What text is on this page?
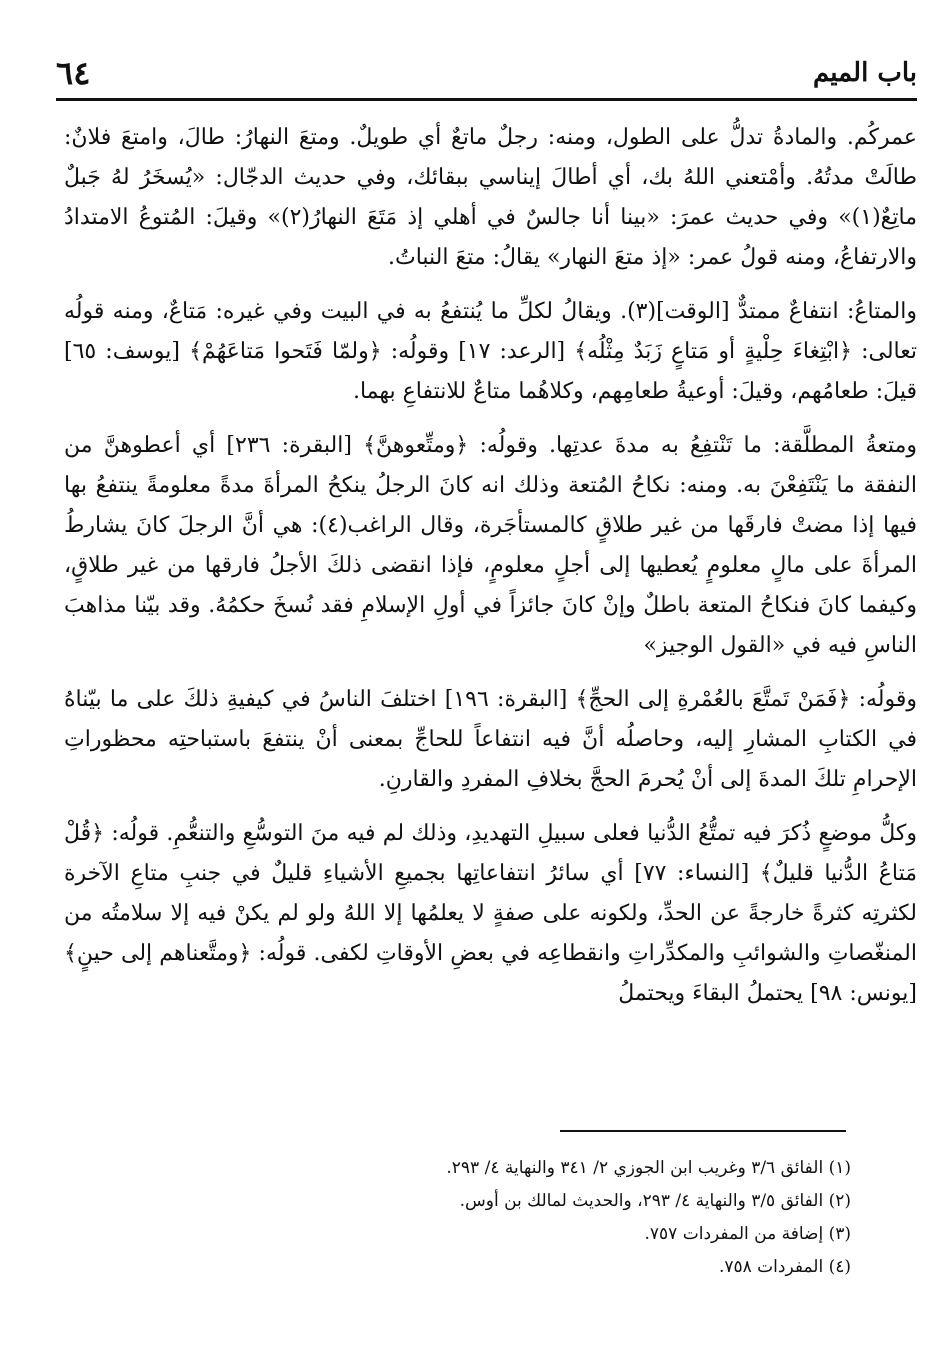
٦٤	باب الميم

عمركُم. والمادةُ تدلُّ على الطول، ومنه: رجلٌ ماتعٌ أي طويلٌ. ومتعَ النهارُ: طالَ، وامتعَ فلانٌ: طالَتْ مدتُهُ. وأمْتعني اللهُ بك، أي أطالَ إيناسي ببقائك، وفي حديث الدجّال: «يُسخَرُ لهُ جَبلٌ ماتِعٌ(١)» وفي حديث عمرَ: «بينا أنا جالسٌ في أهلي إذ مَتَعَ النهارُ(٢)» وقيلَ: المُتوعُ الامتدادُ والارتفاعُ، ومنه قولُ عمر: «إذ متعَ النهار» يقالُ: متعَ النباتُ.

والمتاعُ: انتفاعٌ ممتدٌّ [الوقت](٣). ويقالُ لكلِّ ما يُنتفعُ به في البيت وفي غيره: مَتاعٌ، ومنه قولُه تعالى: ﴿ابْتِغاءَ حِلْيةٍ أو مَتاعٍ زَبَدٌ مِثْلُه﴾ [الرعد: ١٧] وقولُه: ﴿ولمّا فَتَحوا مَتاعَهُمْ﴾ [يوسف: ٦٥] قيلَ: طعامُهم، وقيلَ: أوعيةُ طعامِهم، وكلاهُما متاعٌ للانتفاعِ بهما.

ومتعةُ المطلَّقة: ما تَنْتفِعُ به مدةَ عدتِها. وقولُه: ﴿ومتِّعوهنَّ﴾ [البقرة: ٢٣٦] أي أعطوهنَّ من النفقة ما يَنْتَفِعْنَ به. ومنه: نكاحُ المُتعة وذلك انه كانَ الرجلُ ينكحُ المرأةَ مدةً معلومةً ينتفعُ بها فيها إذا مضتْ فارقَها من غير طلاقٍ كالمستأجَرة، وقال الراغب(٤): هي أنَّ الرجلَ كانَ يشارطُ المرأةَ على مالٍ معلومٍ يُعطيها إلى أجلٍ معلومٍ، فإذا انقضى ذلكَ الأجلُ فارقها من غير طلاقٍ، وكيفما كانَ فنكاحُ المتعة باطلٌ وإنْ كانَ جائزاً في أولِ الإسلامِ فقد نُسخَ حكمُهُ. وقد بيّنا مذاهبَ الناسِ فيه في «القول الوجيز»

وقولُه: ﴿فَمَنْ تَمتَّعَ بالعُمْرةِ إلى الحجِّ﴾ [البقرة: ١٩٦] اختلفَ الناسُ في كيفيةِ ذلكَ على ما بيّناهُ في الكتابِ المشارِ إليه، وحاصلُه أنَّ فيه انتفاعاً للحاجِّ بمعنى أنْ ينتفعَ باستباحتِه محظوراتِ الإحرامِ تلكَ المدةَ إلى أنْ يُحرمَ الحجَّ بخلافِ المفردِ والقارنِ.

وكلُّ موضعٍ ذُكرَ فيه تمتُّعُ الدُّنيا فعلى سبيلِ التهديدِ، وذلك لم فيه منَ التوسُّعِ والتنعُّمِ. قولُه: ﴿قُلْ مَتاعُ الدُّنيا قليلٌ﴾ [النساء: ٧٧] أي سائرُ انتفاعاتِها بجميعِ الأشياءِ قليلٌ في جنبِ متاعِ الآخرة لكثرتِه كثرةً خارجةً عن الحدِّ، ولكونه على صفةٍ لا يعلمُها إلا اللهُ ولو لم يكنْ فيه إلا سلامتُه من المنغّصاتِ والشوائبِ والمكدِّراتِ وانقطاعِه في بعضِ الأوقاتِ لكفى. قولُه: ﴿ومتَّعناهم إلى حينٍ﴾ [يونس: ٩٨] يحتملُ البقاءَ ويحتملُ

(١) الفائق ٣/٦ وغريب ابن الجوزي ٢/ ٣٤١ والنهاية ٤/ ٢٩٣.
(٢) الفائق ٣/٥ والنهاية ٤/ ٢٩٣، والحديث لمالك بن أوس.
(٣) إضافة من المفردات ٧٥٧.
(٤) المفردات ٧٥٨.
